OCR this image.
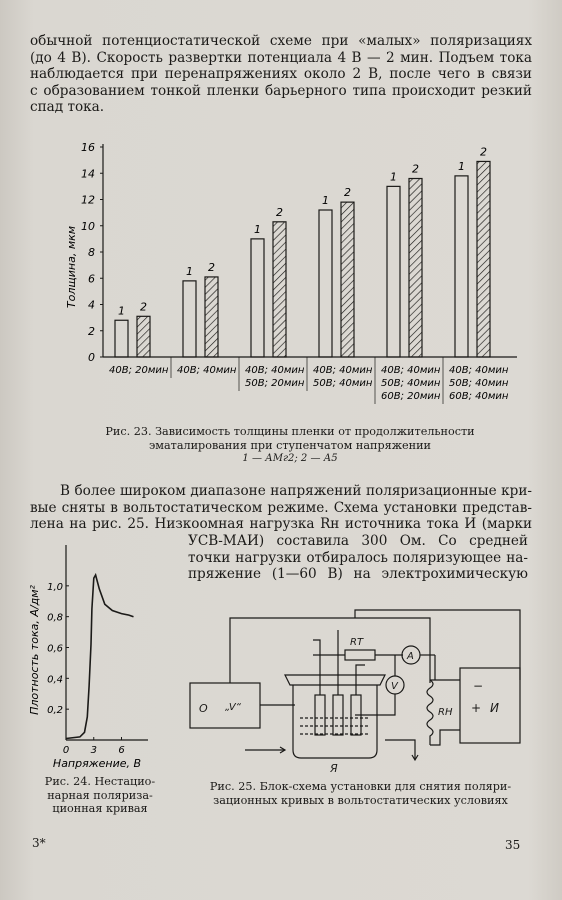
обычной потенциостатической схеме при «малых» поляризациях
(до 4 В). Скорость развертки потенциала 4 В — 2 мин. Подъем тока
наблюдается при перенапряжениях около 2 В, после чего в связи
с образованием тонкой пленки барьерного типа происходит резкий
спад тока.
0
2
4
6
8
10
12
14
16
Толщина, мкм
1 2
40В; 20мин
1 2
40В; 40мин
1
2
40В; 40мин
50В; 20мин
1
2
40В; 40мин
50В; 40мин
1
2
40В; 40мин
50В; 40мин
60В; 20мин
1
2
40В; 40мин
50В; 40мин
60В; 40мин
Рис. 23. Зависимость толщины пленки от продолжительности
эматалирования при ступенчатом напряжении
1 — АМг2; 2 — А5
В более широком диапазоне напряжений поляризационные кри-
вые сняты в вольтостатическом режиме. Схема установки представ-
лена на рис. 25. Низкоомная нагрузка Rн источника тока И (марки
УСВ-МАИ) составила 300 Ом. Со средней
точки нагрузки отбиралось поляризующее на-
пряжение (1—60 В) на электрохимическую
0,2
0,4
0,6
0,8
1,0
0 3 6
Напряжение, В
Плотность тока, А/дм²
Рис. 24. Нестацио-
нарная поляриза-
ционная кривая
RТ
A
V
RН	И
+
−
О „V“
Я
Рис. 25. Блок-схема установки для снятия поляри-
зационных кривых в вольтостатических условиях
3*	35
